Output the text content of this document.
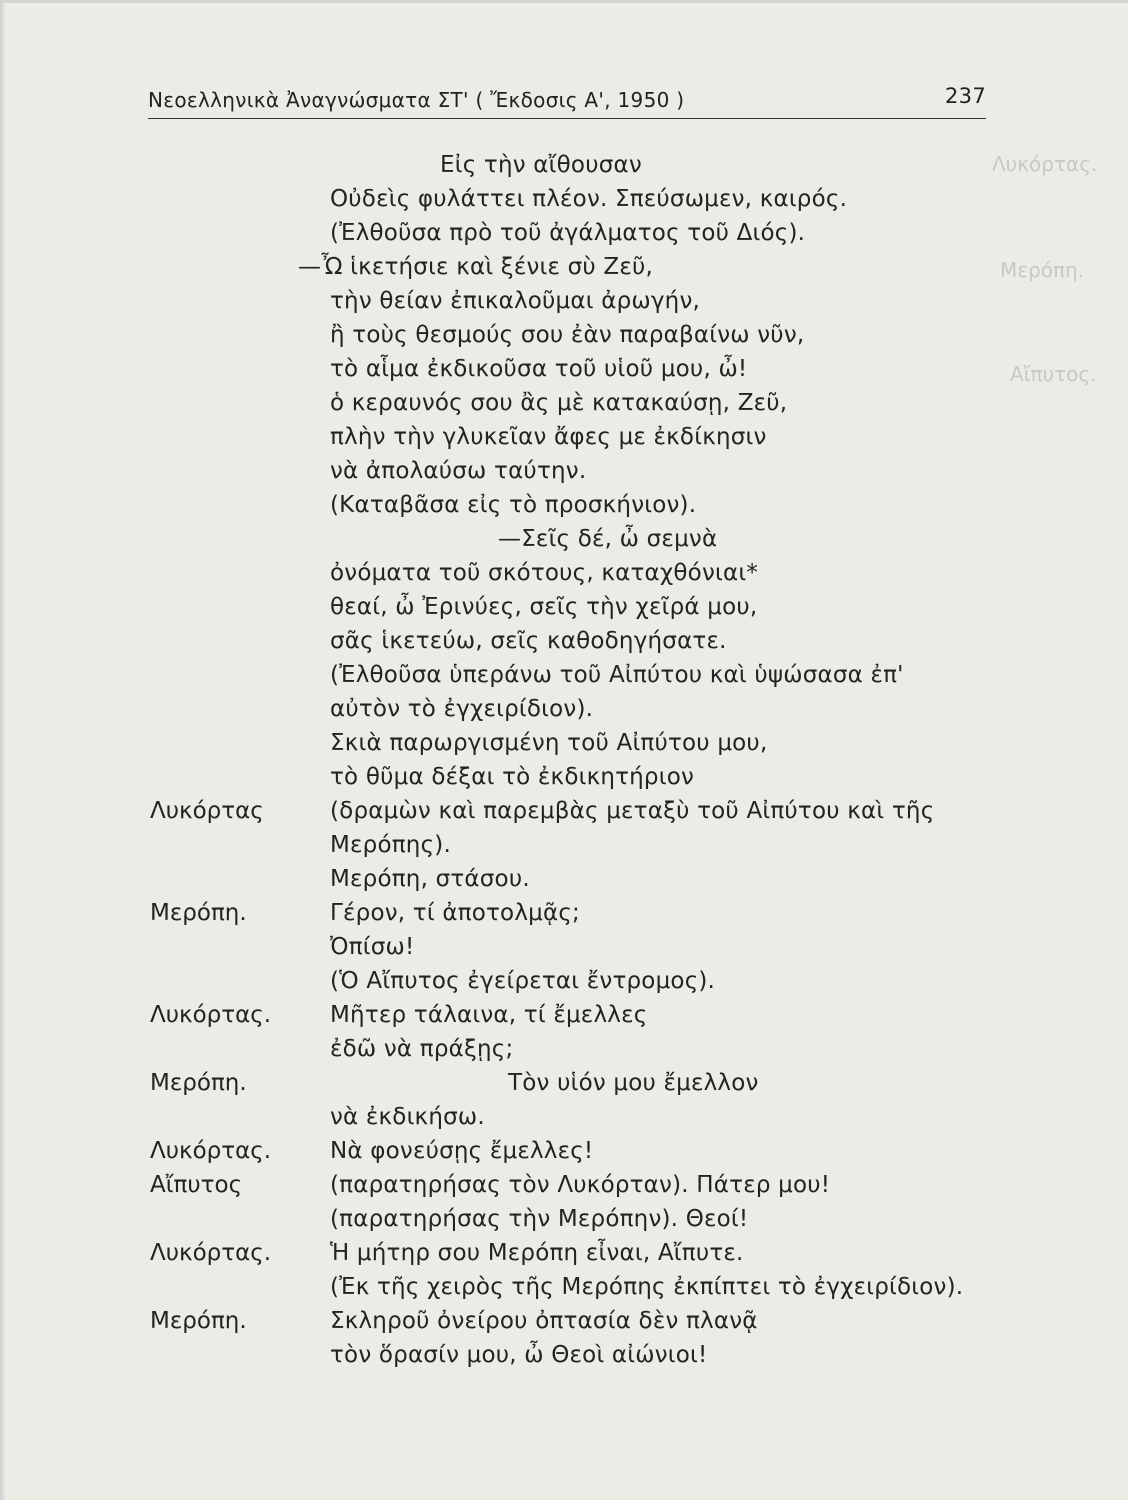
Λυκόρτας.
Μερόπη.
Αἴπυτος.
Νεοελληνικὰ Ἀναγνώσματα ΣΤ' ( Ἔκδοσις Α', 1950 )	237
Εἰς τὴν αἴθουσαν
Οὐδεὶς φυλάττει πλέον. Σπεύσωμεν, καιρός.
(Ἐλθοῦσα πρὸ τοῦ ἀγάλματος τοῦ Διός).
—Ὦ ἱκετήσιε καὶ ξένιε σὺ Ζεῦ,
τὴν θείαν ἐπικαλοῦμαι ἀρωγήν,
ἢ τοὺς θεσμούς σου ἐὰν παραβαίνω νῦν,
τὸ αἷμα ἐκδικοῦσα τοῦ υἱοῦ μου, ὦ!
ὁ κεραυνός σου ἂς μὲ κατακαύσῃ, Ζεῦ,
πλὴν τὴν γλυκεῖαν ἄφες με ἐκδίκησιν
νὰ ἀπολαύσω ταύτην.
(Καταβᾶσα εἰς τὸ προσκήνιον).
—Σεῖς δέ, ὦ σεμνὰ
ὀνόματα τοῦ σκότους, καταχθόνιαι*
θεαί, ὦ Ἐρινύες, σεῖς τὴν χεῖρά μου,
σᾶς ἱκετεύω, σεῖς καθοδηγήσατε.
(Ἐλθοῦσα ὑπεράνω τοῦ Αἰπύτου καὶ ὑψώσασα ἐπ'
αὐτὸν τὸ ἐγχειρίδιον).
Σκιὰ παρωργισμένη τοῦ Αἰπύτου μου,
τὸ θῦμα δέξαι τὸ ἐκδικητήριον
(δραμὼν καὶ παρεμβὰς μεταξὺ τοῦ Αἰπύτου καὶ τῆς
Μερόπης).
Μερόπη, στάσου.
Γέρον, τί ἀποτολμᾷς;
Ὀπίσω!
(Ὁ Αἴπυτος ἐγείρεται ἔντρομος).
Μῆτερ τάλαινα, τί ἔμελλες
ἐδῶ νὰ πράξῃς;
Τὸν υἱόν μου ἔμελλον
νὰ ἐκδικήσω.
Νὰ φονεύσῃς ἔμελλες!
(παρατηρήσας τὸν Λυκόρταν). Πάτερ μου!
(παρατηρήσας τὴν Μερόπην). Θεοί!
Ἡ μήτηρ σου Μερόπη εἶναι, Αἴπυτε.
(Ἐκ τῆς χειρὸς τῆς Μερόπης ἐκπίπτει τὸ ἐγχειρίδιον).
Σκληροῦ ὀνείρου ὀπτασία δὲν πλανᾷ
τὸν ὅρασίν μου, ὦ Θεοὶ αἰώνιοι!
Λυκόρτας
Μερόπη.
Λυκόρτας.
Μερόπη.
Λυκόρτας.
Αἴπυτος
Λυκόρτας.
Μερόπη.
